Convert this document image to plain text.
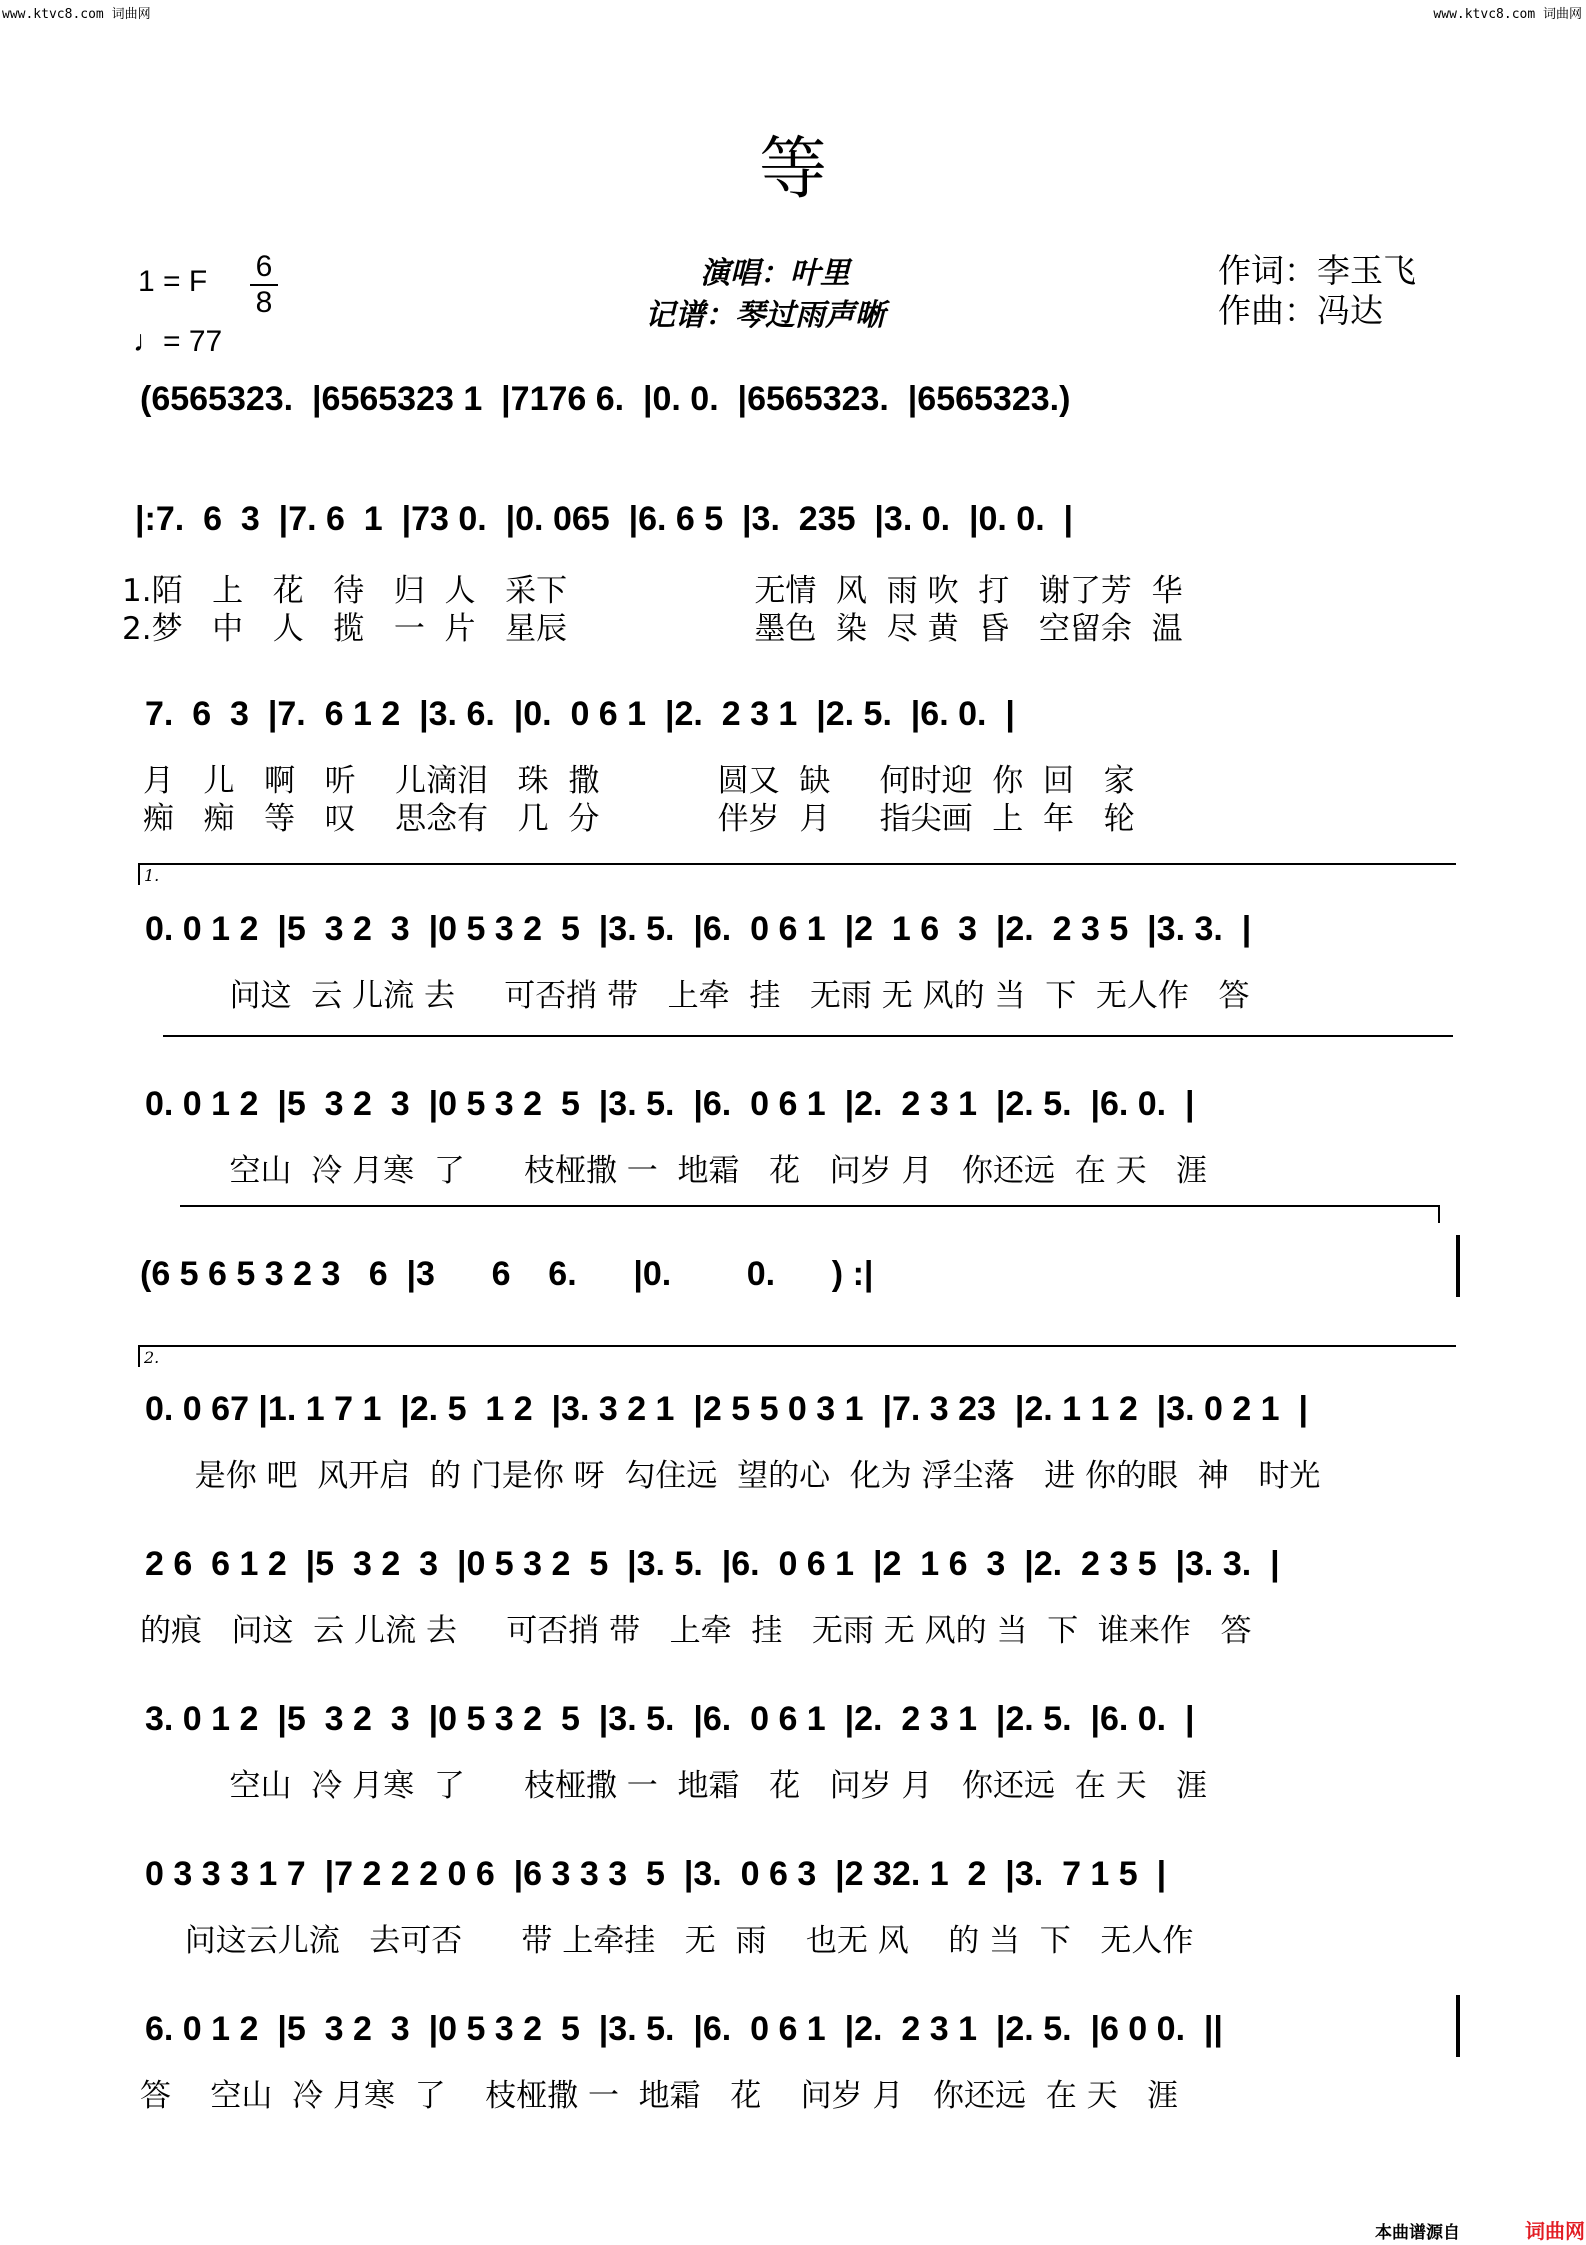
www.ktvc8.com 词曲网	www.ktvc8.com 词曲网
等
1 = F 6
8
♩= 77
演唱：叶里
记谱：琴过雨声晰
作词：李玉飞
作曲：冯达
(6565323.  |6565323 1  |7176 6.  |0. 0.  |6565323.  |6565323.)
|:7.  6  3  |7. 6  1  |73 0.  |0. 065  |6. 6 5  |3.  235  |3. 0.  |0. 0.  |
1.陌   上   花   待   归  人   采下                   无情  风  雨 吹  打   谢了芳  华
2.梦   中   人   揽   一  片   星辰                   墨色  染  尽 黄  昏   空留余  温
7.  6  3  |7.  6 1 2  |3. 6.  |0.  0 6 1  |2.  2 3 1  |2. 5.  |6. 0.  |
月   儿   啊   听    儿滴泪   珠  撒            圆又  缺     何时迎  你  回   家
痴   痴   等   叹    思念有   几  分            伴岁  月     指尖画  上  年   轮
1.
0. 0 1 2  |5  3 2  3  |0 5 3 2  5  |3. 5.  |6.  0 6 1  |2  1 6  3  |2.  2 3 5  |3. 3.  |
问这  云 儿流 去     可否捎 带   上牵  挂   无雨 无 风的 当  下  无人作   答
0. 0 1 2  |5  3 2  3  |0 5 3 2  5  |3. 5.  |6.  0 6 1  |2.  2 3 1  |2. 5.  |6. 0.  |
空山  冷 月寒  了      枝桠撒 一  地霜   花   问岁 月   你还远  在 天   涯
(6 5 6 5 3 2 3   6  |3      6    6.      |0.        0.      ) :|
2.
0. 0 67 |1. 1 7 1  |2. 5  1 2  |3. 3 2 1  |2 5 5 0 3 1  |7. 3 23  |2. 1 1 2  |3. 0 2 1  |
是你 吧  风开启  的 门是你 呀  勾住远  望的心  化为 浮尘落   进 你的眼  神   时光
2 6  6 1 2  |5  3 2  3  |0 5 3 2  5  |3. 5.  |6.  0 6 1  |2  1 6  3  |2.  2 3 5  |3. 3.  |
的痕   问这  云 儿流 去     可否捎 带   上牵  挂   无雨 无 风的 当  下  谁来作   答
3. 0 1 2  |5  3 2  3  |0 5 3 2  5  |3. 5.  |6.  0 6 1  |2.  2 3 1  |2. 5.  |6. 0.  |
空山  冷 月寒  了      枝桠撒 一  地霜   花   问岁 月   你还远  在 天   涯
0 3 3 3 1 7  |7 2 2 2 0 6  |6 3 3 3  5  |3.  0 6 3  |2 32. 1  2  |3.  7 1 5  |
问这云儿流   去可否      带 上牵挂   无  雨    也无 风    的 当  下   无人作
6. 0 1 2  |5  3 2  3  |0 5 3 2  5  |3. 5.  |6.  0 6 1  |2.  2 3 1  |2. 5.  |6 0 0.  ||
答    空山  冷 月寒  了    枝桠撒 一  地霜   花    问岁 月   你还远  在 天   涯
本曲谱源自	词曲网
